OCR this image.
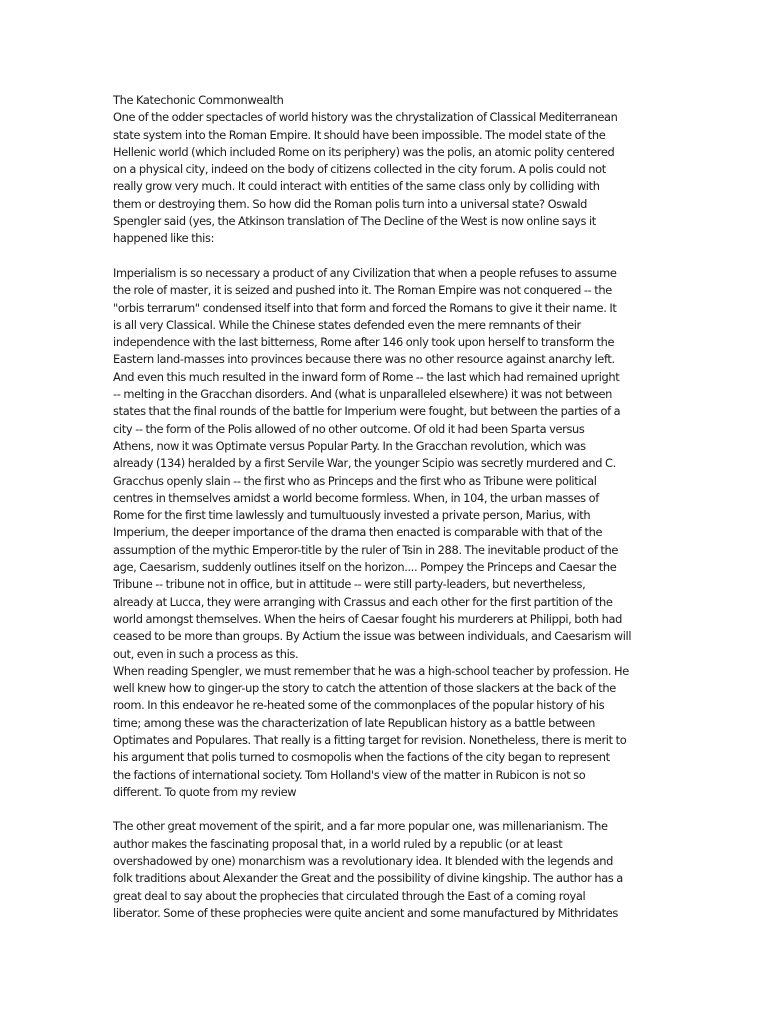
The Katechonic Commonwealth

One of the odder spectacles of world history was the chrystalization of Classical Mediterranean
state system into the Roman Empire. It should have been impossible. The model state of the
Hellenic world (which included Rome on its periphery) was the polis, an atomic polity centered
on a physical city, indeed on the body of citizens collected in the city forum. A polis could not
really grow very much. It could interact with entities of the same class only by colliding with
them or destroying them. So how did the Roman polis turn into a universal state? Oswald
Spengler said (yes, the Atkinson translation of The Decline of the West is now online says it
happened like this:

Imperialism is so necessary a product of any Civilization that when a people refuses to assume
the role of master, it is seized and pushed into it. The Roman Empire was not conquered -- the
"orbis terrarum" condensed itself into that form and forced the Romans to give it their name. It
is all very Classical. While the Chinese states defended even the mere remnants of their
independence with the last bitterness, Rome after 146 only took upon herself to transform the
Eastern land-masses into provinces because there was no other resource against anarchy left.
And even this much resulted in the inward form of Rome -- the last which had remained upright
-- melting in the Gracchan disorders. And (what is unparalleled elsewhere) it was not between
states that the final rounds of the battle for Imperium were fought, but between the parties of a
city -- the form of the Polis allowed of no other outcome. Of old it had been Sparta versus
Athens, now it was Optimate versus Popular Party. In the Gracchan revolution, which was
already (134) heralded by a first Servile War, the younger Scipio was secretly murdered and C.
Gracchus openly slain -- the first who as Princeps and the first who as Tribune were political
centres in themselves amidst a world become formless. When, in 104, the urban masses of
Rome for the first time lawlessly and tumultuously invested a private person, Marius, with
Imperium, the deeper importance of the drama then enacted is comparable with that of the
assumption of the mythic Emperor-title by the ruler of Tsin in 288. The inevitable product of the
age, Caesarism, suddenly outlines itself on the horizon.... Pompey the Princeps and Caesar the
Tribune -- tribune not in office, but in attitude -- were still party-leaders, but nevertheless,
already at Lucca, they were arranging with Crassus and each other for the first partition of the
world amongst themselves. When the heirs of Caesar fought his murderers at Philippi, both had
ceased to be more than groups. By Actium the issue was between individuals, and Caesarism will
out, even in such a process as this.

When reading Spengler, we must remember that he was a high-school teacher by profession. He
well knew how to ginger-up the story to catch the attention of those slackers at the back of the
room. In this endeavor he re-heated some of the commonplaces of the popular history of his
time; among these was the characterization of late Republican history as a battle between
Optimates and Populares. That really is a fitting target for revision. Nonetheless, there is merit to
his argument that polis turned to cosmopolis when the factions of the city began to represent
the factions of international society. Tom Holland's view of the matter in Rubicon is not so
different. To quote from my review

The other great movement of the spirit, and a far more popular one, was millenarianism. The
author makes the fascinating proposal that, in a world ruled by a republic (or at least
overshadowed by one) monarchism was a revolutionary idea. It blended with the legends and
folk traditions about Alexander the Great and the possibility of divine kingship. The author has a
great deal to say about the prophecies that circulated through the East of a coming royal
liberator. Some of these prophecies were quite ancient and some manufactured by Mithridates
